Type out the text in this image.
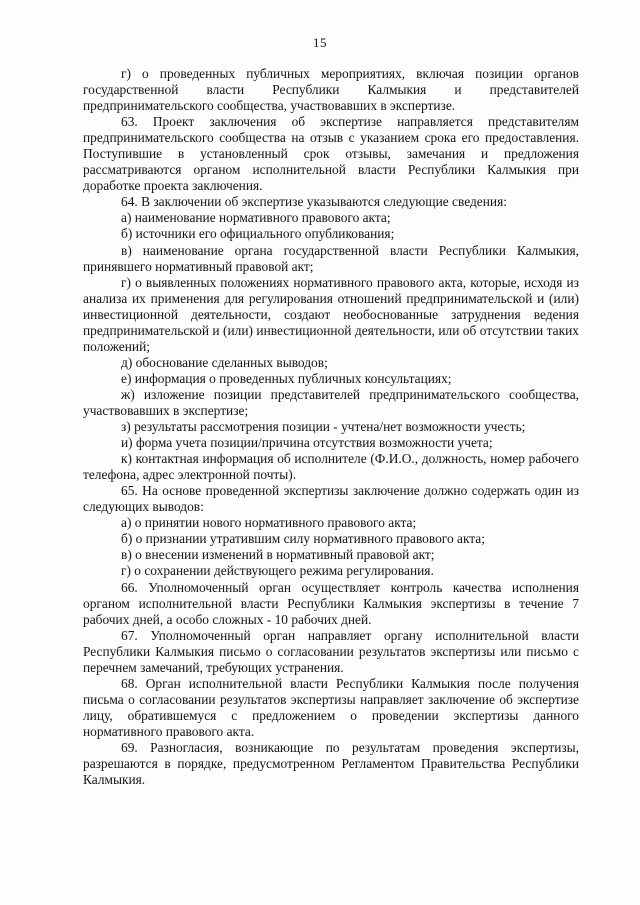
15

г) о проведенных публичных мероприятиях, включая позиции органов государственной власти Республики Калмыкия и представителей предпринимательского сообщества, участвовавших в экспертизе.

63. Проект заключения об экспертизе направляется представителям предпринимательского сообщества на отзыв с указанием срока его предоставления. Поступившие в установленный срок отзывы, замечания и предложения рассматриваются органом исполнительной власти Республики Калмыкия при доработке проекта заключения.

64. В заключении об экспертизе указываются следующие сведения:

а) наименование нормативного правового акта;

б) источники его официального опубликования;

в) наименование органа государственной власти Республики Калмыкия, принявшего нормативный правовой акт;

г) о выявленных положениях нормативного правового акта, которые, исходя из анализа их применения для регулирования отношений предпринимательской и (или) инвестиционной деятельности, создают необоснованные затруднения ведения предпринимательской и (или) инвестиционной деятельности, или об отсутствии таких положений;

д) обоснование сделанных выводов;

е) информация о проведенных публичных консультациях;

ж) изложение позиции представителей предпринимательского сообщества, участвовавших в экспертизе;

з) результаты рассмотрения позиции - учтена/нет возможности учесть;

и) форма учета позиции/причина отсутствия возможности учета;

к) контактная информация об исполнителе (Ф.И.О., должность, номер рабочего телефона, адрес электронной почты).

65. На основе проведенной экспертизы заключение должно содержать один из следующих выводов:

а) о принятии нового нормативного правового акта;

б) о признании утратившим силу нормативного правового акта;

в) о внесении изменений в нормативный правовой акт;

г) о сохранении действующего режима регулирования.

66. Уполномоченный орган осуществляет контроль качества исполнения органом исполнительной власти Республики Калмыкия экспертизы в течение 7 рабочих дней, а особо сложных - 10 рабочих дней.

67. Уполномоченный орган направляет органу исполнительной власти Республики Калмыкия письмо о согласовании результатов экспертизы или письмо с перечнем замечаний, требующих устранения.

68. Орган исполнительной власти Республики Калмыкия после получения письма о согласовании результатов экспертизы направляет заключение об экспертизе лицу, обратившемуся с предложением о проведении экспертизы данного нормативного правового акта.

69. Разногласия, возникающие по результатам проведения экспертизы, разрешаются в порядке, предусмотренном Регламентом Правительства Республики Калмыкия.
